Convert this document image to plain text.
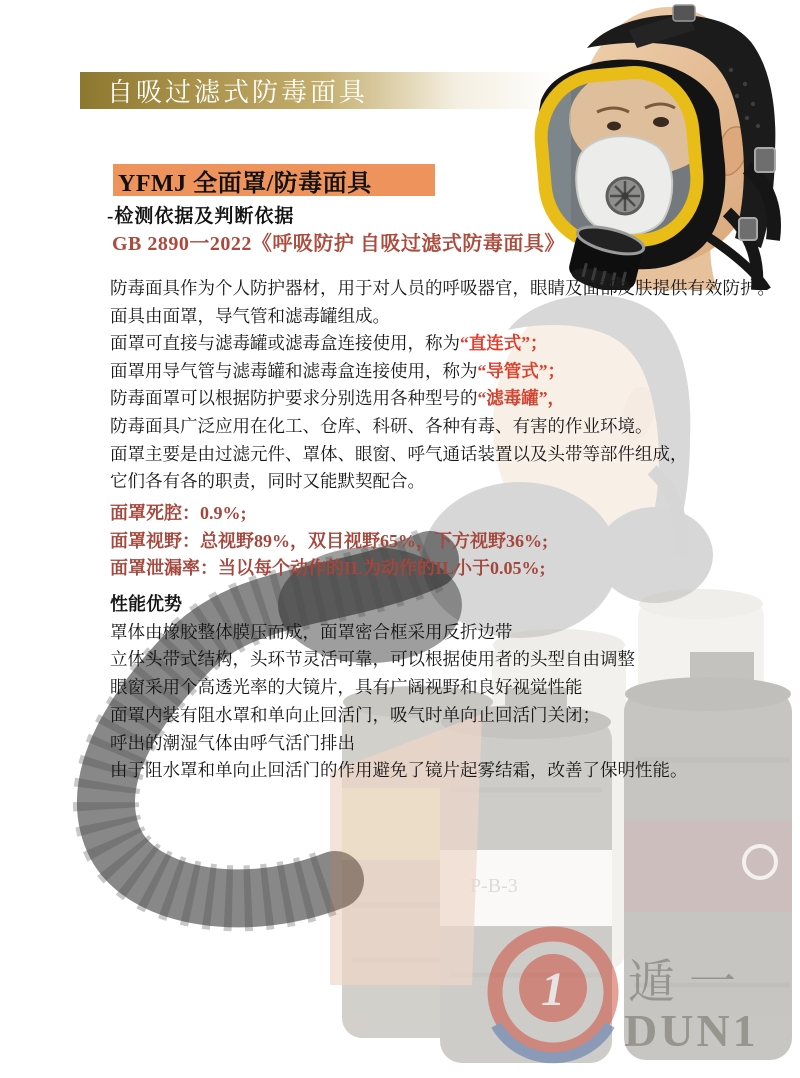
P-B-3
1 遁一
DUN1
自吸过滤式防毒面具
YFMJ 全面罩/防毒面具
-检测依据及判断依据
GB 2890一2022《呼吸防护 自吸过滤式防毒面具》
防毒面具作为个人防护器材，用于对人员的呼吸器官，眼睛及面部皮肤提供有效防护。
面具由面罩，导气管和滤毒罐组成。
面罩可直接与滤毒罐或滤毒盒连接使用，称为“直连式”；
面罩用导气管与滤毒罐和滤毒盒连接使用，称为“导管式”；
防毒面罩可以根据防护要求分别选用各种型号的“滤毒罐”，
防毒面具广泛应用在化工、仓库、科研、各种有毒、有害的作业环境。
面罩主要是由过滤元件、罩体、眼窗、呼气通话装置以及头带等部件组成，
它们各有各的职责，同时又能默契配合。
面罩死腔：0.9%;
面罩视野：总视野89%，双目视野65%，下方视野36%;
面罩泄漏率：当以每个动作的IL为动作的IL小于0.05%;
性能优势
罩体由橡胶整体膜压而成，面罩密合框采用反折边带
立体头带式结构，头环节灵活可靠，可以根据使用者的头型自由调整
眼窗采用个高透光率的大镜片，具有广阔视野和良好视觉性能
面罩内装有阻水罩和单向止回活门，吸气时单向止回活门关闭；
呼出的潮湿气体由呼气活门排出
由于阻水罩和单向止回活门的作用避免了镜片起雾结霜，改善了保明性能。
